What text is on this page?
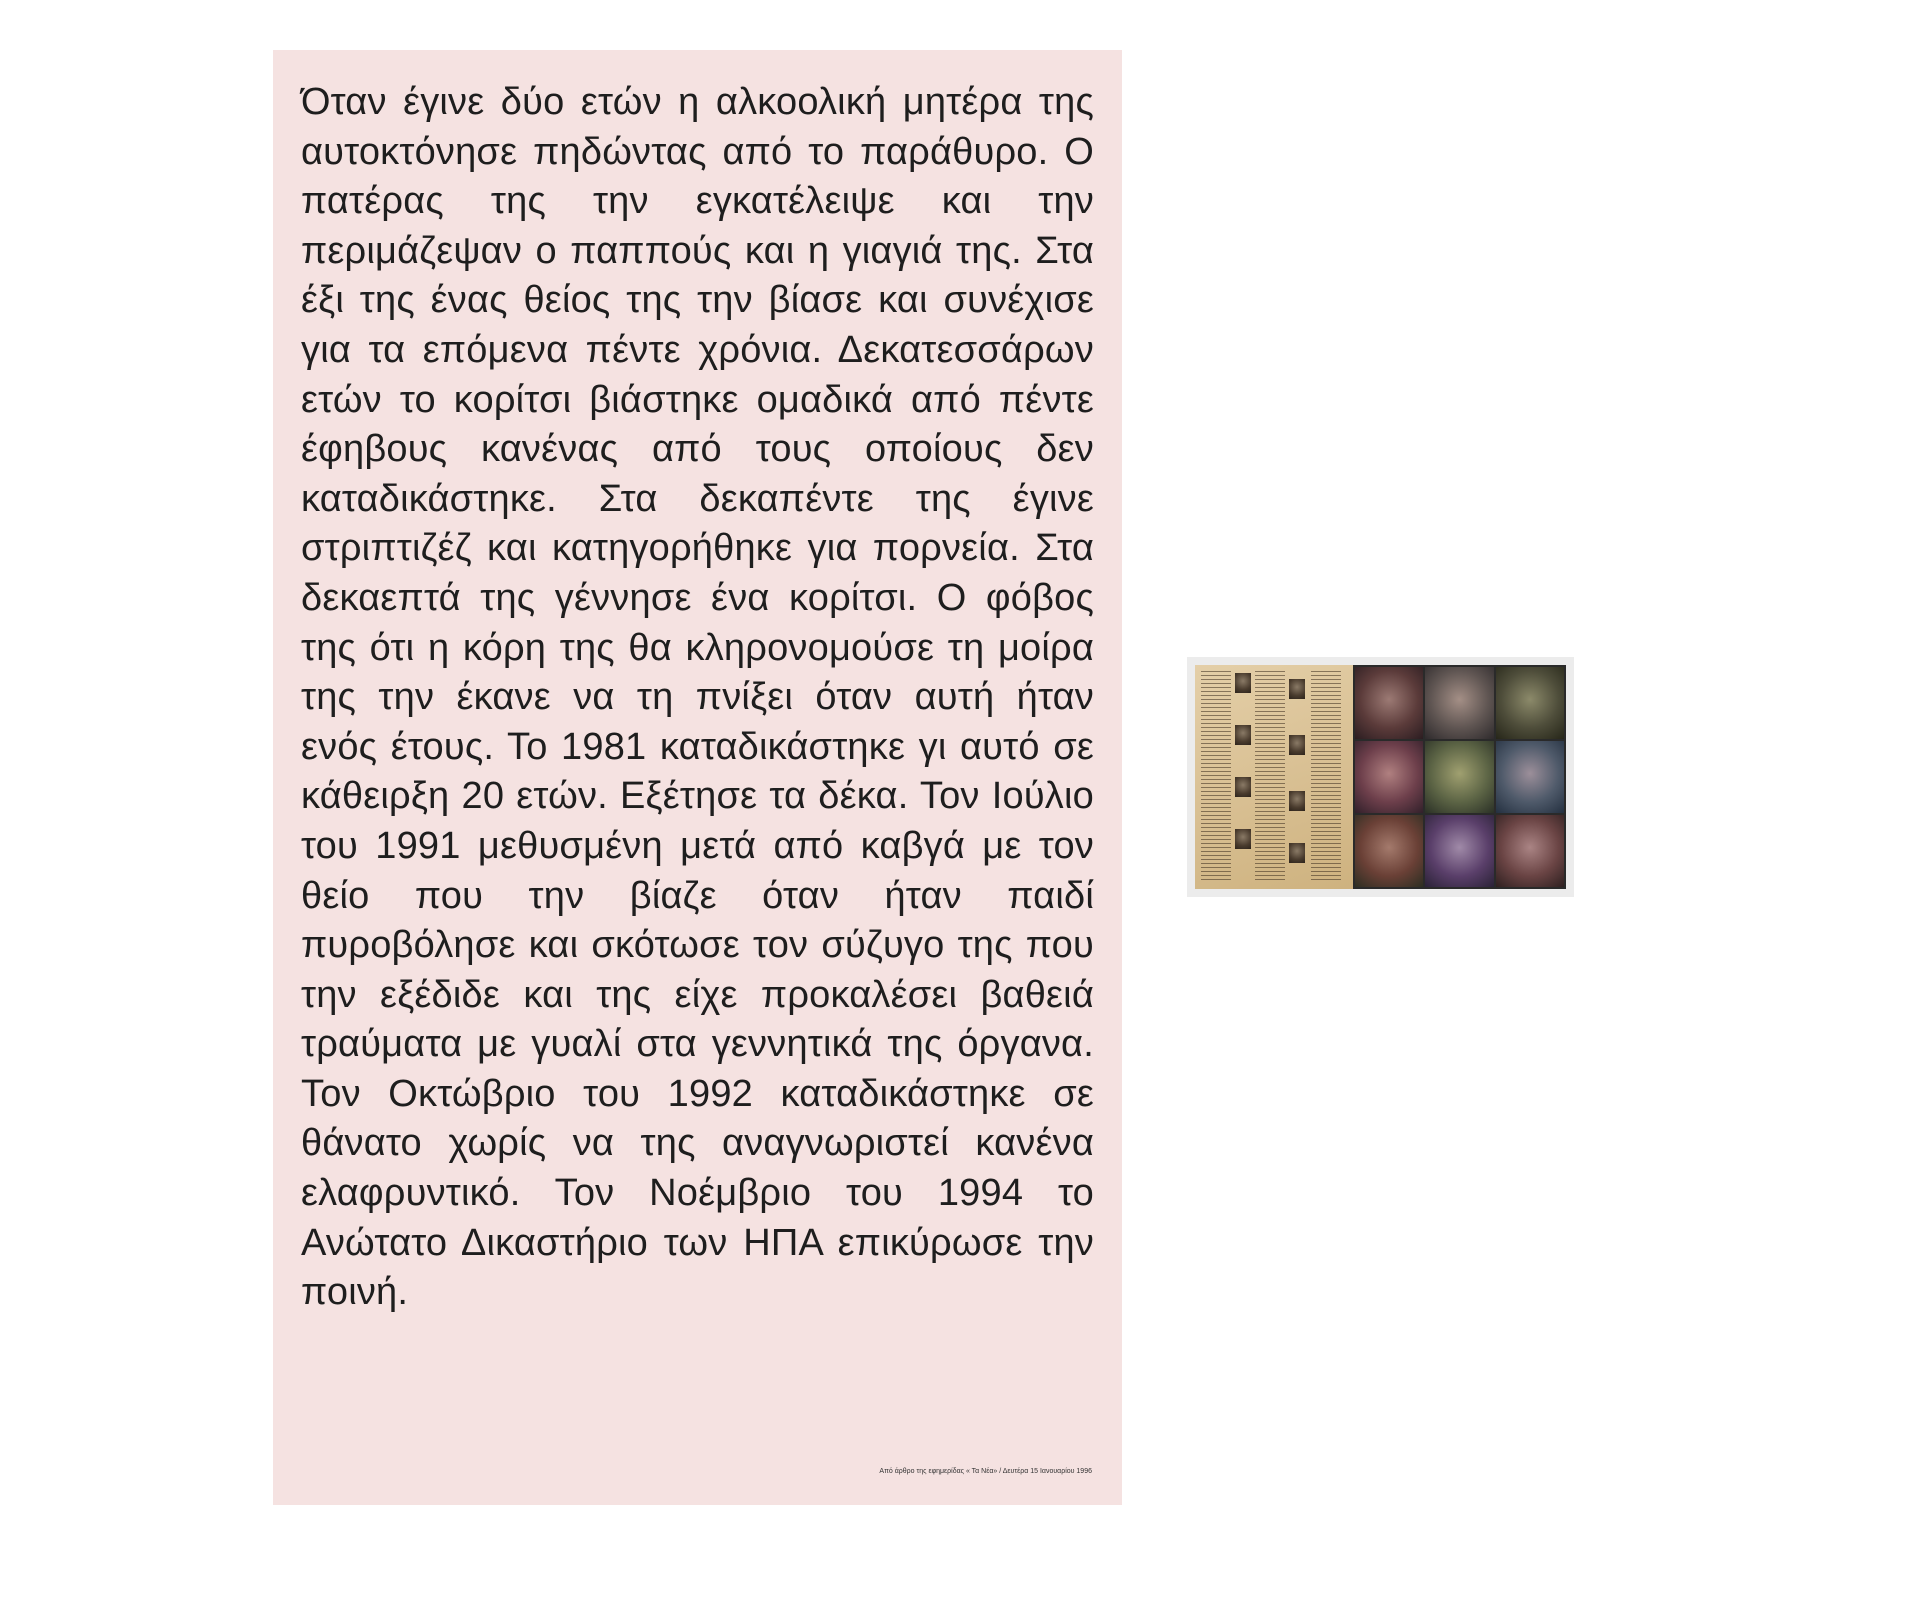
Όταν έγινε δύο ετών η αλκοολική μητέρα της αυτοκτόνησε πηδώντας από το παράθυρο. Ο πατέρας της την εγκατέλειψε και την περιμάζεψαν ο παππούς και η γιαγιά της. Στα έξι της ένας θείος της την βίασε και συνέχισε για τα επόμενα πέντε χρόνια. Δεκατεσσάρων ετών το κορίτσι βιάστηκε ομαδικά από πέντε έφηβους κανένας από τους οποίους δεν καταδικάστηκε. Στα δεκαπέντε της έγινε στριπτιζέζ και κατηγορήθηκε για πορνεία. Στα δεκαεπτά της γέννησε ένα κορίτσι. Ο φόβος της ότι η κόρη της θα κληρονομούσε τη μοίρα της την έκανε να τη πνίξει όταν αυτή ήταν ενός έτους. Το 1981 καταδικάστηκε γι αυτό σε κάθειρξη 20 ετών. Εξέτησε τα δέκα. Τον Ιούλιο του 1991 μεθυσμένη μετά από καβγά με τον θείο που την βίαζε όταν ήταν παιδί πυροβόλησε και σκότωσε τον σύζυγο της που την εξέδιδε και της είχε προκαλέσει βαθειά τραύματα με γυαλί στα γεννητικά της όργανα. Τον Οκτώβριο του 1992 καταδικάστηκε σε θάνατο χωρίς να της αναγνωριστεί κανένα ελαφρυντικό. Τον Νοέμβριο του 1994 το Ανώτατο Δικαστήριο των ΗΠΑ επικύρωσε την ποινή.

Από άρθρο της εφημερίδας « Τα Νέα» / Δευτέρα 15 Ιανουαρίου 1996
